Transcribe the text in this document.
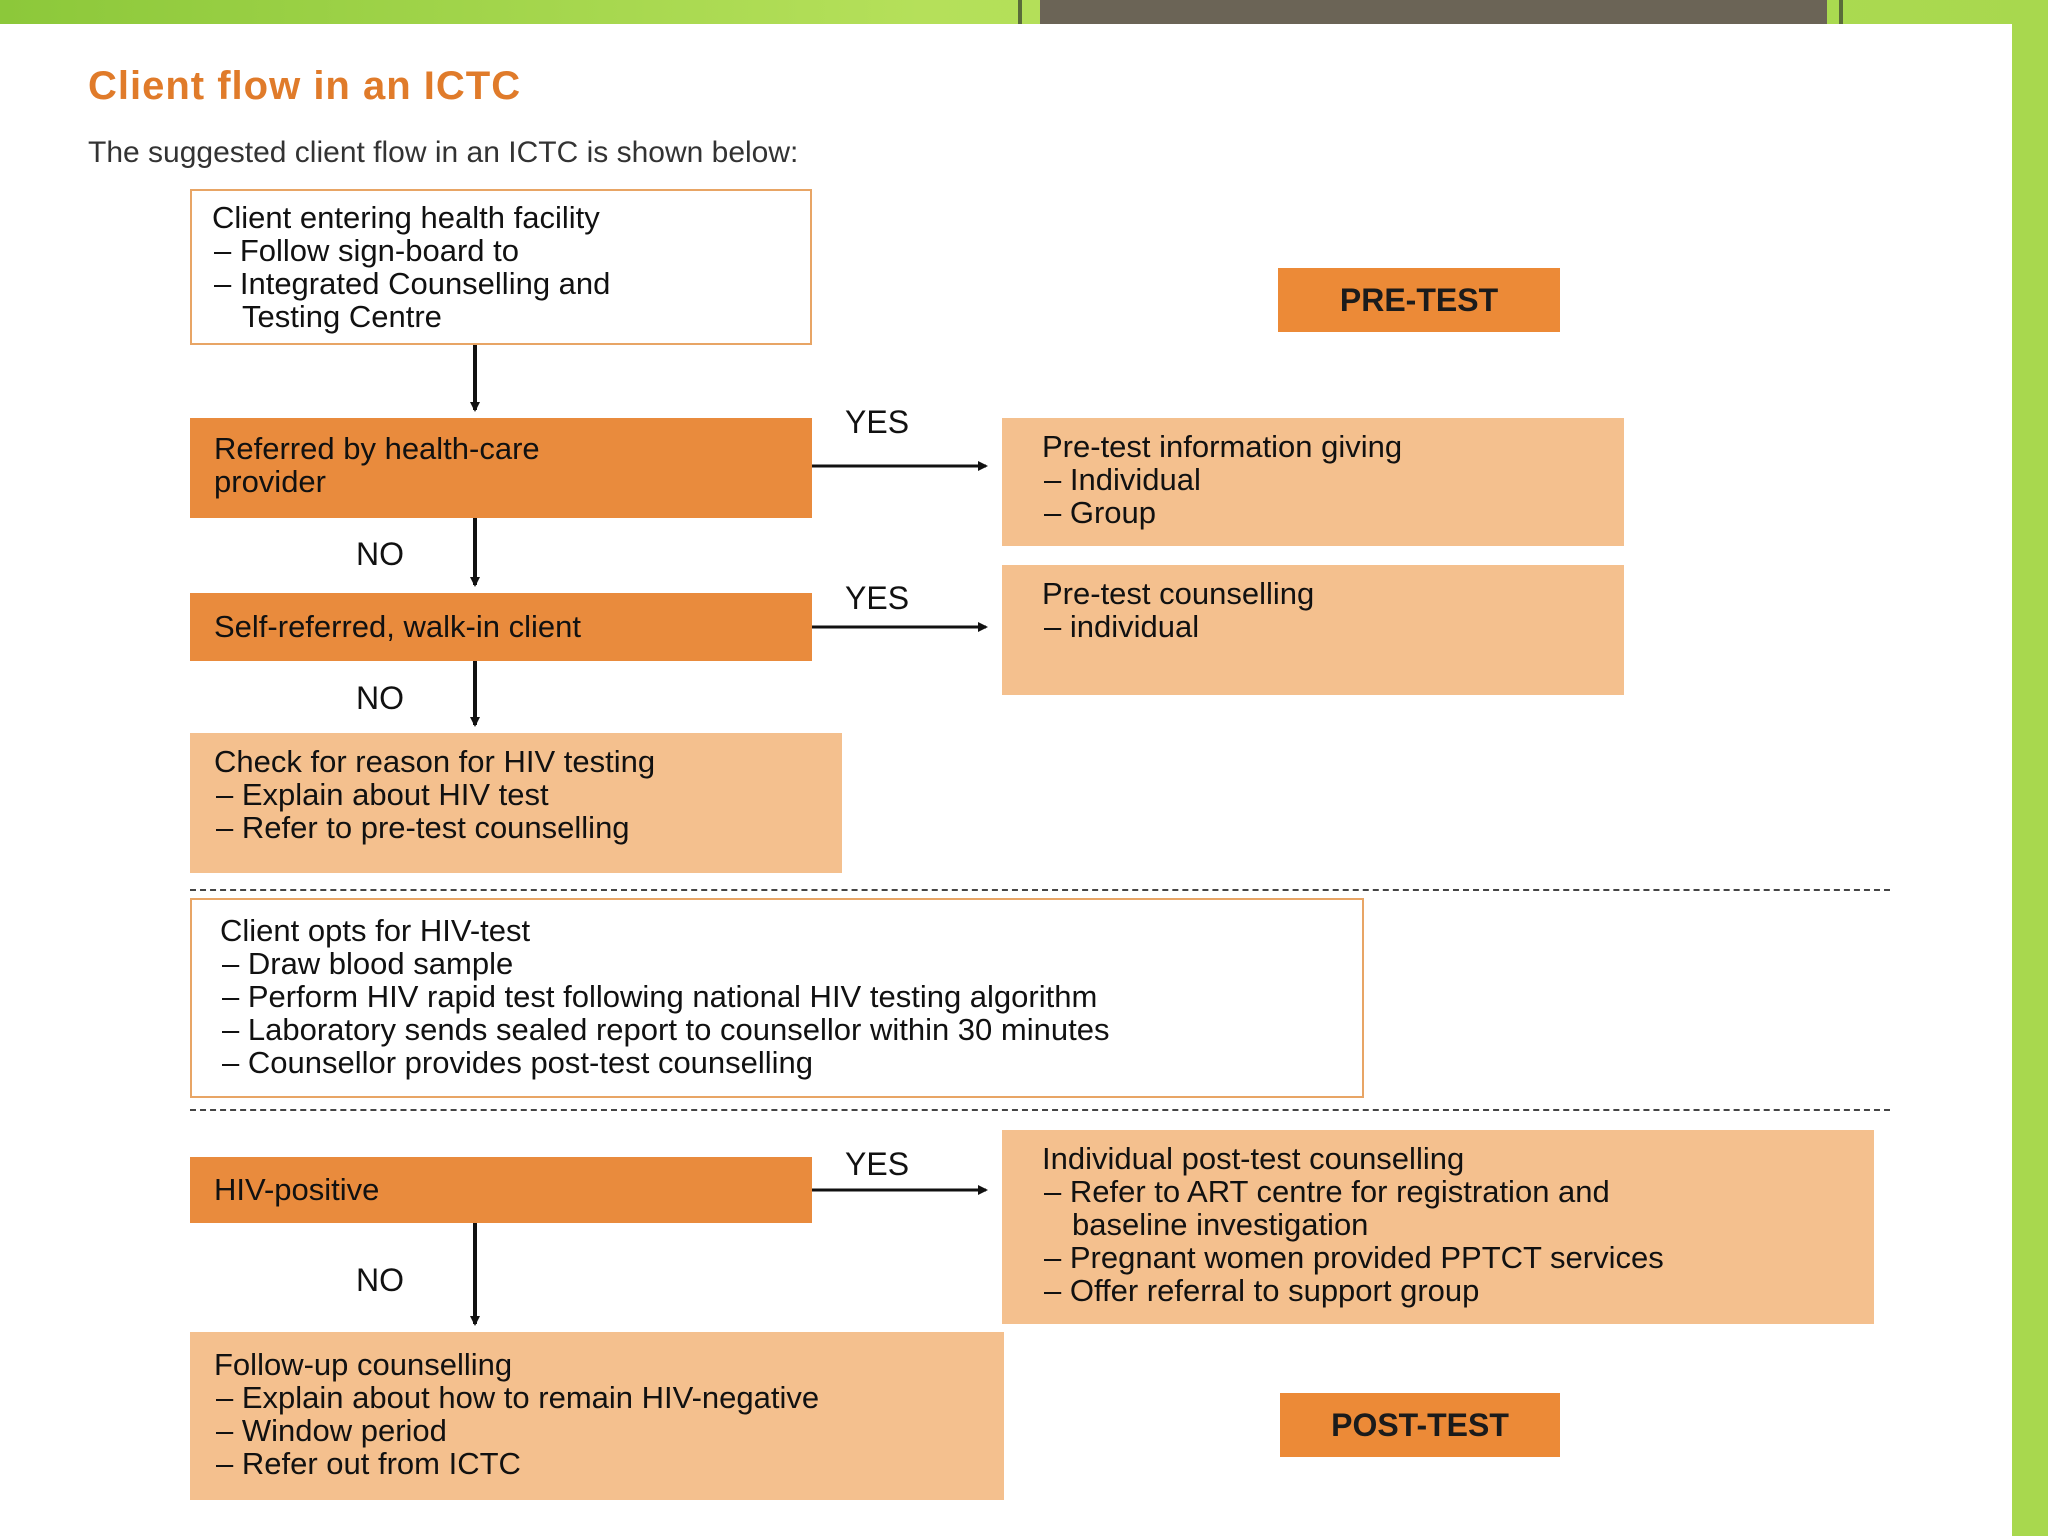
Client flow in an ICTC
The suggested client flow in an ICTC is shown below:
Client entering health facility
– Follow sign-board to
– Integrated Counselling and
Testing Centre	PRE-TEST
Referred by health-care
provider
Pre-test information giving
– Individual
– Group
Self-referred, walk-in client
Pre-test counselling
– individual
Check for reason for HIV testing
– Explain about HIV test
– Refer to pre-test counselling
Client opts for HIV-test
– Draw blood sample
– Perform HIV rapid test following national HIV testing algorithm
– Laboratory sends sealed report to counsellor within 30 minutes
– Counsellor provides post-test counselling
HIV-positive
Individual post-test counselling
– Refer to ART centre for registration and
baseline investigation
– Pregnant women provided PPTCT services
– Offer referral to support group
Follow-up counselling
– Explain about how to remain HIV-negative
– Window period
– Refer out from ICTC
POST-TEST
YES
YES
YES
NO
NO
NO
